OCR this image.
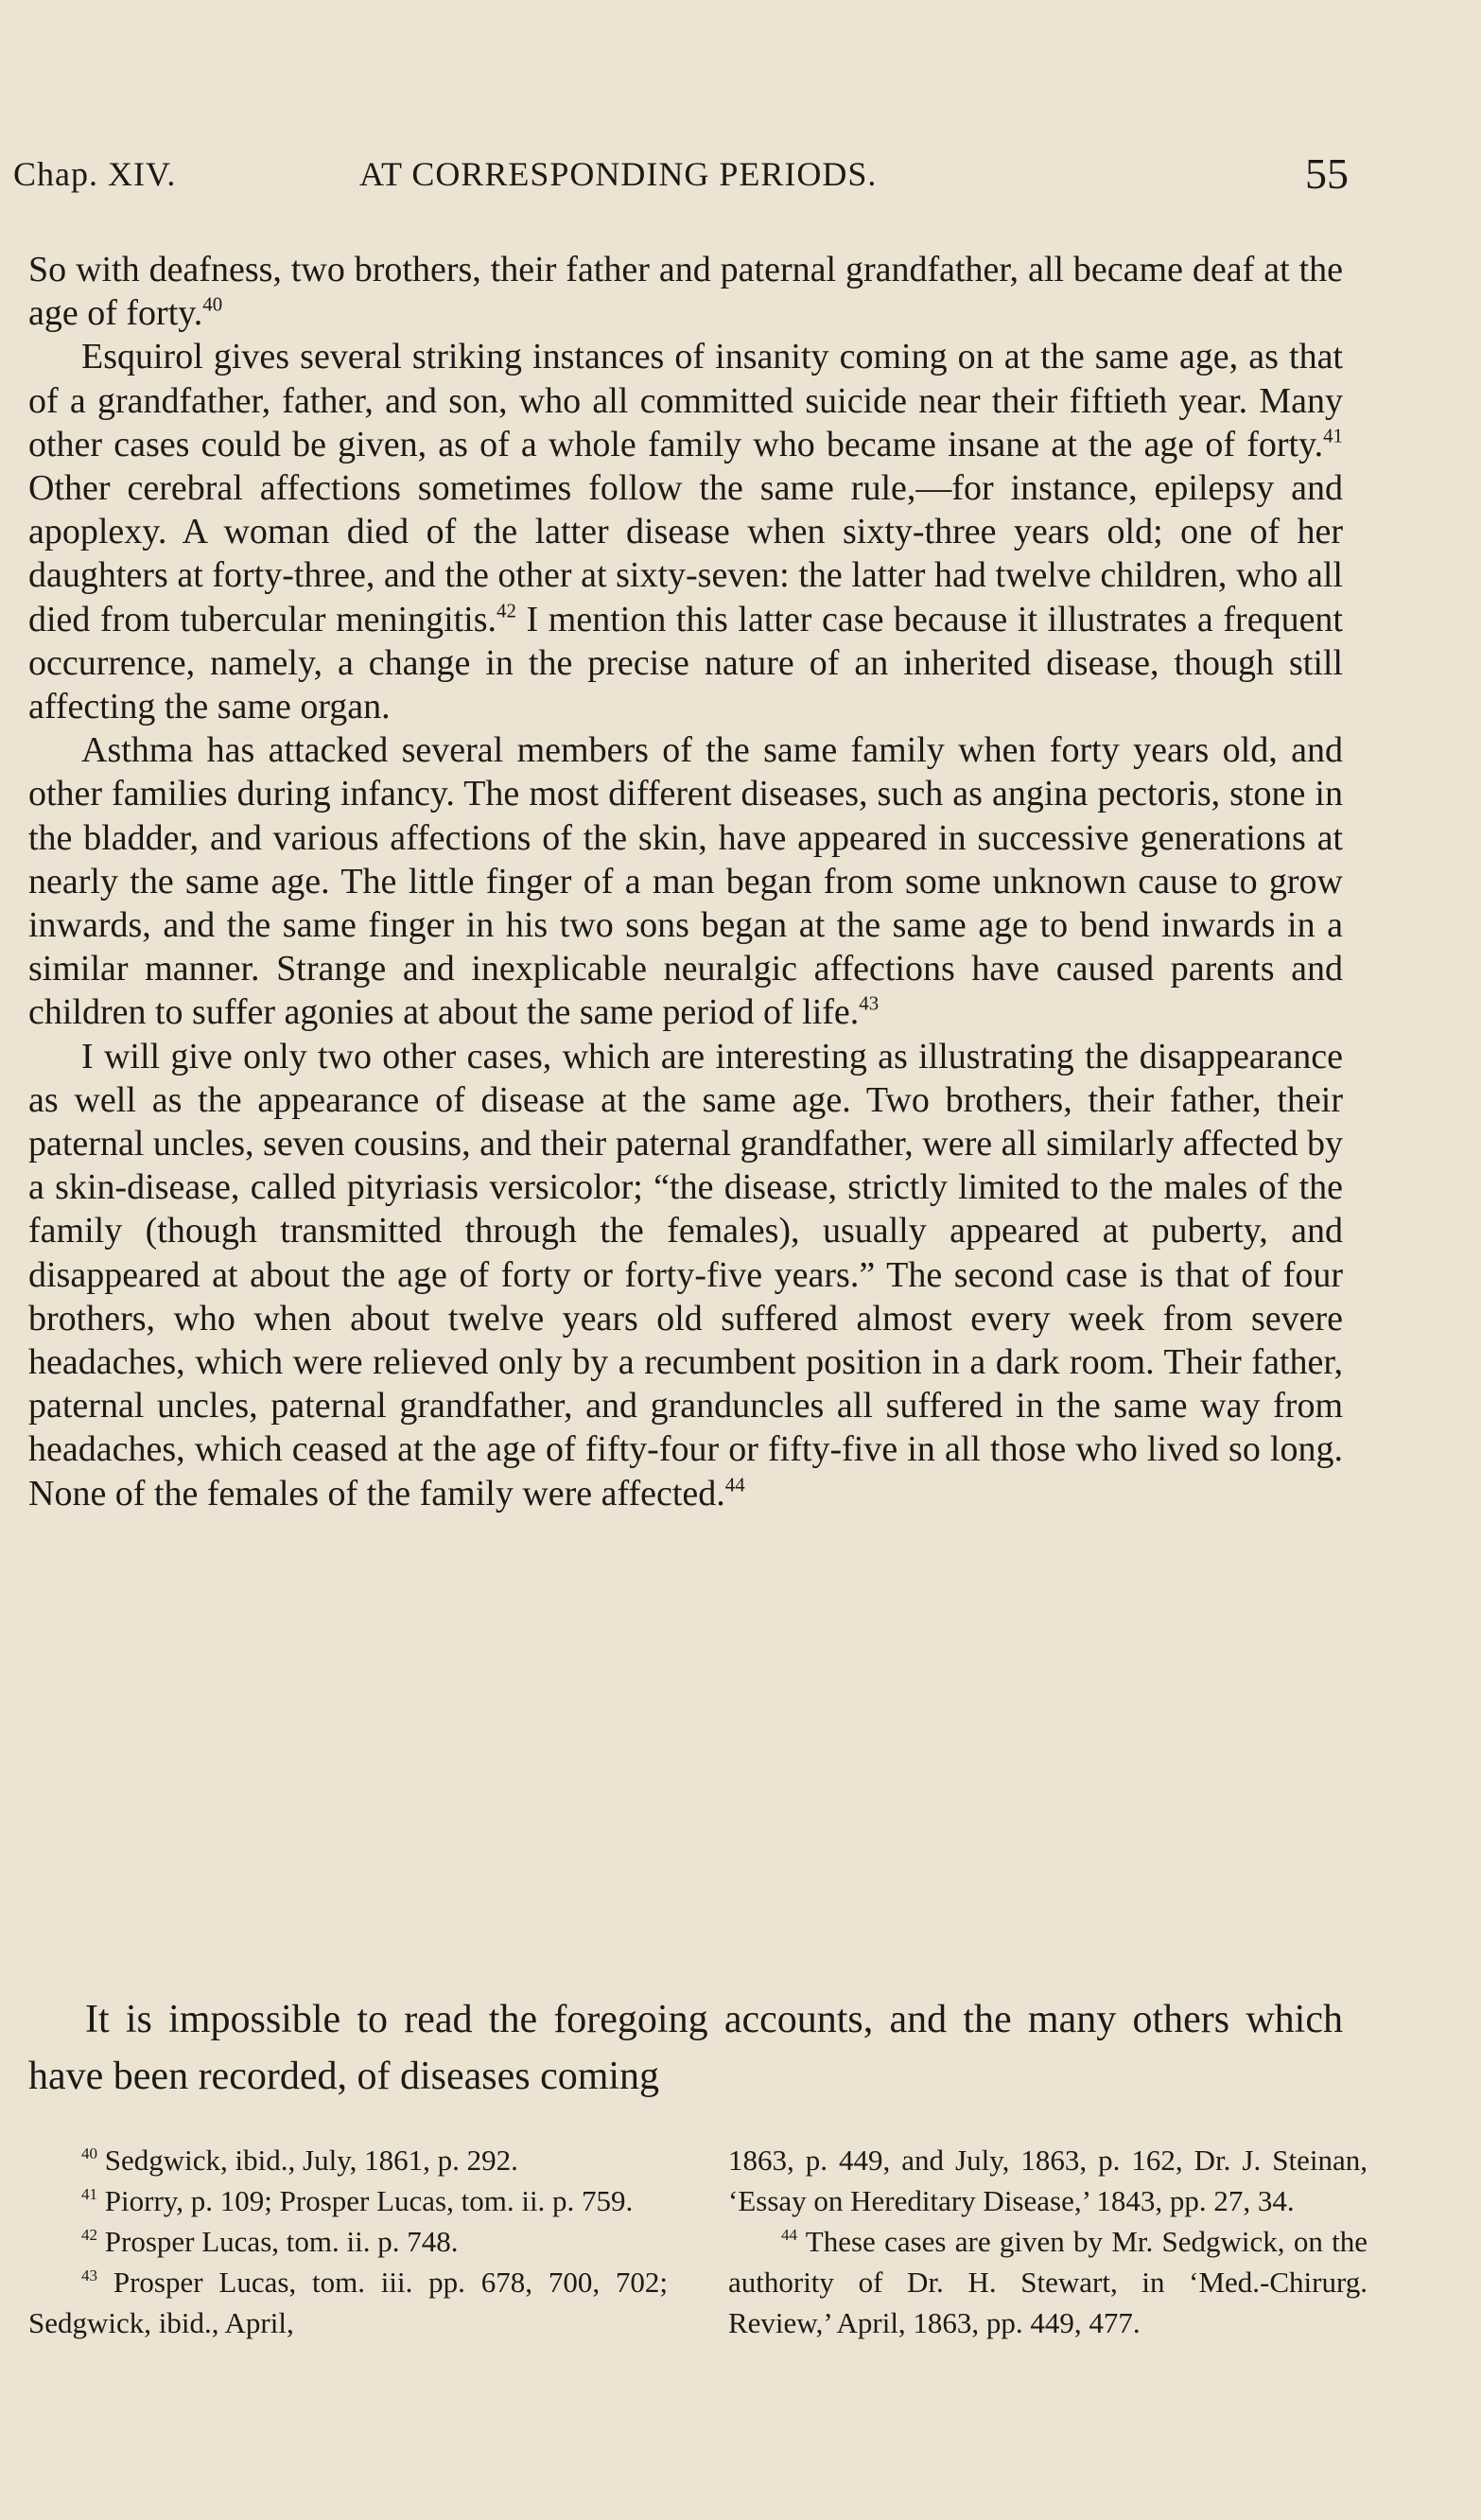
Chap. XIV.	AT CORRESPONDING PERIODS.	55

So with deafness, two brothers, their father and paternal grandfather, all became deaf at the age of forty.$^{40}$

Esquirol gives several striking instances of insanity coming on at the same age, as that of a grandfather, father, and son, who all committed suicide near their fiftieth year. Many other cases could be given, as of a whole family who became insane at the age of forty.$^{41}$ Other cerebral affections sometimes follow the same rule,—for instance, epilepsy and apoplexy. A woman died of the latter disease when sixty-three years old; one of her daughters at forty-three, and the other at sixty-seven: the latter had twelve children, who all died from tubercular meningitis.$^{42}$ I mention this latter case because it illustrates a frequent occurrence, namely, a change in the precise nature of an inherited disease, though still affecting the same organ.

Asthma has attacked several members of the same family when forty years old, and other families during infancy. The most different diseases, such as angina pectoris, stone in the bladder, and various affections of the skin, have appeared in successive generations at nearly the same age. The little finger of a man began from some unknown cause to grow inwards, and the same finger in his two sons began at the same age to bend inwards in a similar manner. Strange and inexplicable neuralgic affections have caused parents and children to suffer agonies at about the same period of life.$^{43}$

I will give only two other cases, which are interesting as illustrating the disappearance as well as the appearance of disease at the same age. Two brothers, their father, their paternal uncles, seven cousins, and their paternal grandfather, were all similarly affected by a skin-disease, called pityriasis versicolor; “the disease, strictly limited to the males of the family (though transmitted through the females), usually appeared at puberty, and disappeared at about the age of forty or forty-five years.” The second case is that of four brothers, who when about twelve years old suffered almost every week from severe headaches, which were relieved only by a recumbent position in a dark room. Their father, paternal uncles, paternal grandfather, and granduncles all suffered in the same way from headaches, which ceased at the age of fifty-four or fifty-five in all those who lived so long. None of the females of the family were affected.$^{44}$

It is impossible to read the foregoing accounts, and the many others which have been recorded, of diseases coming

$^{40}$ Sedgwick, ibid., July, 1861, p. 292.

$^{41}$ Piorry, p. 109; Prosper Lucas, tom. ii. p. 759.

$^{42}$ Prosper Lucas, tom. ii. p. 748.

$^{43}$ Prosper Lucas, tom. iii. pp. 678, 700, 702; Sedgwick, ibid., April,

1863, p. 449, and July, 1863, p. 162, Dr. J. Steinan, ‘Essay on Hereditary Disease,’ 1843, pp. 27, 34.

$^{44}$ These cases are given by Mr. Sedgwick, on the authority of Dr. H. Stewart, in ‘Med.-Chirurg. Review,’ April, 1863, pp. 449, 477.
